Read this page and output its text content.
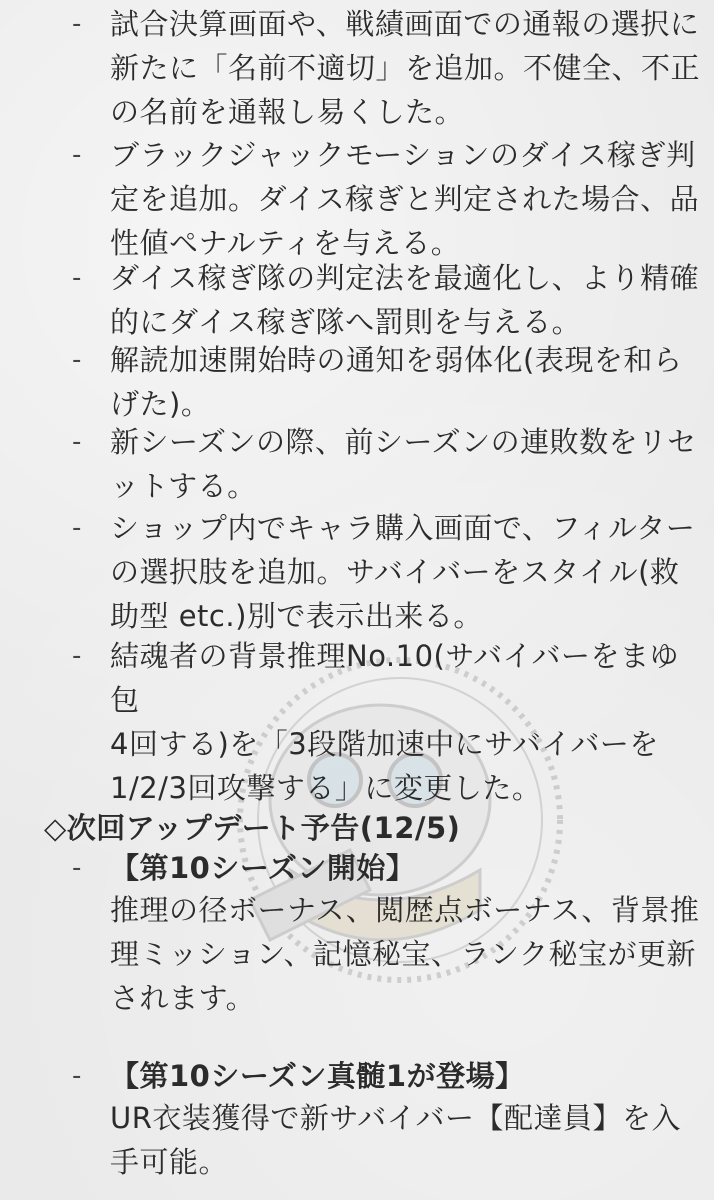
- 試合決算画面や、戦績画面での通報の選択に
新たに「名前不適切」を追加。不健全、不正
の名前を通報し易くした。
- ブラックジャックモーションのダイス稼ぎ判
定を追加。ダイス稼ぎと判定された場合、品
性値ペナルティを与える。
- ダイス稼ぎ隊の判定法を最適化し、より精確
的にダイス稼ぎ隊へ罰則を与える。
- 解読加速開始時の通知を弱体化(表現を和ら
げた)。
- 新シーズンの際、前シーズンの連敗数をリセ
ットする。
- ショップ内でキャラ購入画面で、フィルター
の選択肢を追加。サバイバーをスタイル(救
助型 etc.)別で表示出来る。
- 結魂者の背景推理No.10(サバイバーをまゆ包
4回する)を「3段階加速中にサバイバーを
1/2/3回攻撃する」に変更した。
◇次回アップデート予告(12/5)
- 【第10シーズン開始】
推理の径ボーナス、閲歴点ボーナス、背景推
理ミッション、記憶秘宝、ランク秘宝が更新
されます。
- 【第10シーズン真髄1が登場】
UR衣装獲得で新サバイバー【配達員】を入
手可能。
